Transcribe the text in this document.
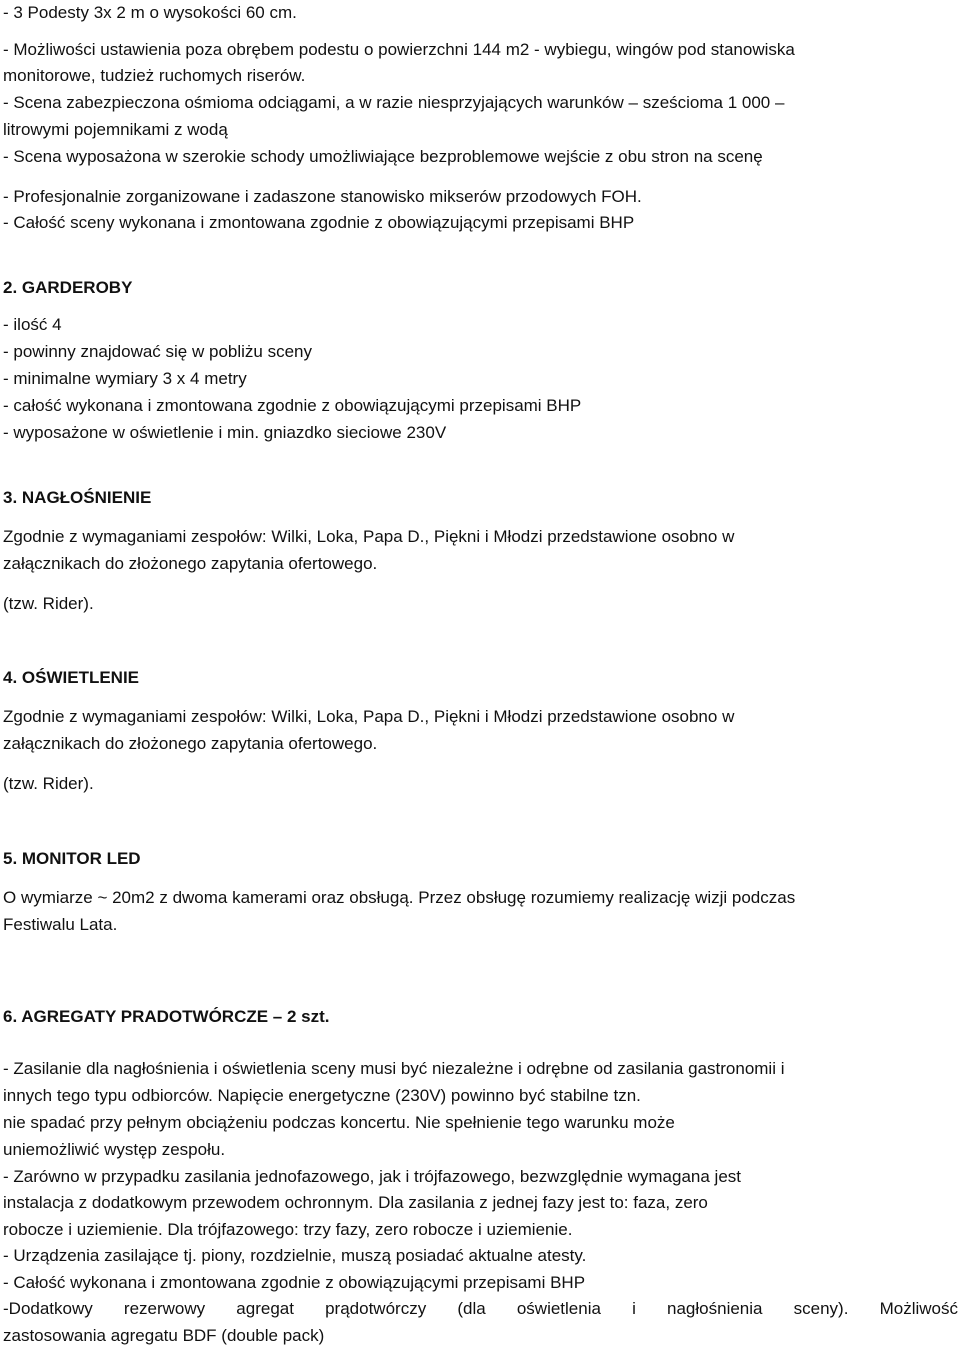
- 3 Podesty 3x 2 m o wysokości 60 cm.
- Możliwości ustawienia poza obrębem podestu o powierzchni 144 m2 - wybiegu, wingów pod stanowiska
monitorowe, tudzież ruchomych riserów.
- Scena zabezpieczona ośmioma odciągami, a w razie niesprzyjających warunków – sześcioma 1 000 –
litrowymi pojemnikami z wodą
- Scena wyposażona w szerokie schody umożliwiające bezproblemowe wejście z obu stron na scenę
- Profesjonalnie zorganizowane i zadaszone stanowisko mikserów przodowych FOH.
- Całość sceny wykonana i zmontowana zgodnie z obowiązującymi przepisami BHP
2. GARDEROBY
- ilość 4
- powinny znajdować się w pobliżu sceny
- minimalne wymiary 3 x 4 metry
- całość wykonana i zmontowana zgodnie z obowiązującymi przepisami BHP
- wyposażone w oświetlenie i min. gniazdko sieciowe 230V
3. NAGŁOŚNIENIE
Zgodnie z wymaganiami zespołów: Wilki, Loka, Papa D., Piękni i Młodzi przedstawione osobno w
załącznikach do złożonego zapytania ofertowego.
(tzw. Rider).
4. OŚWIETLENIE
Zgodnie z wymaganiami zespołów: Wilki, Loka, Papa D., Piękni i Młodzi przedstawione osobno w
załącznikach do złożonego zapytania ofertowego.
(tzw. Rider).
5. MONITOR LED
O wymiarze ~ 20m2 z dwoma kamerami oraz obsługą. Przez obsługę rozumiemy realizację wizji podczas
Festiwalu Lata.
6. AGREGATY PRADOTWÓRCZE – 2 szt.
- Zasilanie dla nagłośnienia i oświetlenia sceny musi być niezależne i odrębne od zasilania gastronomii i
innych tego typu odbiorców. Napięcie energetyczne (230V) powinno być stabilne tzn.
nie spadać przy pełnym obciążeniu podczas koncertu. Nie spełnienie tego warunku może
uniemożliwić występ zespołu.
- Zarówno w przypadku zasilania jednofazowego, jak i trójfazowego, bezwzględnie wymagana jest
instalacja z dodatkowym przewodem ochronnym. Dla zasilania z jednej fazy jest to: faza, zero
robocze i uziemienie. Dla trójfazowego: trzy fazy, zero robocze i uziemienie.
- Urządzenia zasilające tj. piony, rozdzielnie, muszą posiadać aktualne atesty.
- Całość wykonana i zmontowana zgodnie z obowiązującymi przepisami BHP
-Dodatkowy rezerwowy agregat prądotwórczy (dla oświetlenia i nagłośnienia sceny). Możliwość
zastosowania agregatu BDF (double pack)
